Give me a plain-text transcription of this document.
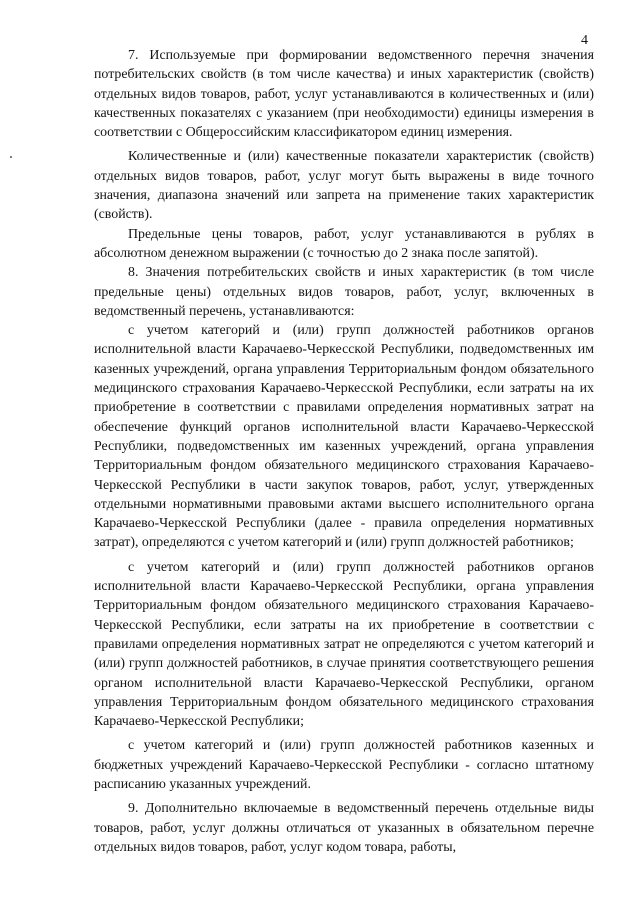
4

7. Используемые при формировании ведомственного перечня значения потребительских свойств (в том числе качества) и иных характеристик (свойств) отдельных видов товаров, работ, услуг устанавливаются в количественных и (или) качественных показателях с указанием (при необходимости) единицы измерения в соответствии с Общероссийским классификатором единиц измерения.

Количественные и (или) качественные показатели характеристик (свойств) отдельных видов товаров, работ, услуг могут быть выражены в виде точного значения, диапазона значений или запрета на применение таких характеристик (свойств).

Предельные цены товаров, работ, услуг устанавливаются в рублях в абсолютном денежном выражении (с точностью до 2 знака после запятой).

8. Значения потребительских свойств и иных характеристик (в том числе предельные цены) отдельных видов товаров, работ, услуг, включенных в ведомственный перечень, устанавливаются:

с учетом категорий и (или) групп должностей работников органов исполнительной власти Карачаево-Черкесской Республики, подведомственных им казенных учреждений, органа управления Территориальным фондом обязательного медицинского страхования Карачаево-Черкесской Республики, если затраты на их приобретение в соответствии с правилами определения нормативных затрат на обеспечение функций органов исполнительной власти Карачаево-Черкесской Республики, подведомственных им казенных учреждений, органа управления Территориальным фондом обязательного медицинского страхования Карачаево-Черкесской Республики в части закупок товаров, работ, услуг, утвержденных отдельными нормативными правовыми актами высшего исполнительного органа Карачаево-Черкесской Республики (далее - правила определения нормативных затрат), определяются с учетом категорий и (или) групп должностей работников;

с учетом категорий и (или) групп должностей работников органов исполнительной власти Карачаево-Черкесской Республики, органа управления Территориальным фондом обязательного медицинского страхования Карачаево-Черкесской Республики, если затраты на их приобретение в соответствии с правилами определения нормативных затрат не определяются с учетом категорий и (или) групп должностей работников, в случае принятия соответствующего решения органом исполнительной власти Карачаево-Черкесской Республики, органом управления Территориальным фондом обязательного медицинского страхования Карачаево-Черкесской Республики;

с учетом категорий и (или) групп должностей работников казенных и бюджетных учреждений Карачаево-Черкесской Республики - согласно штатному расписанию указанных учреждений.

9. Дополнительно включаемые в ведомственный перечень отдельные виды товаров, работ, услуг должны отличаться от указанных в обязательном перечне отдельных видов товаров, работ, услуг кодом товара, работы,
